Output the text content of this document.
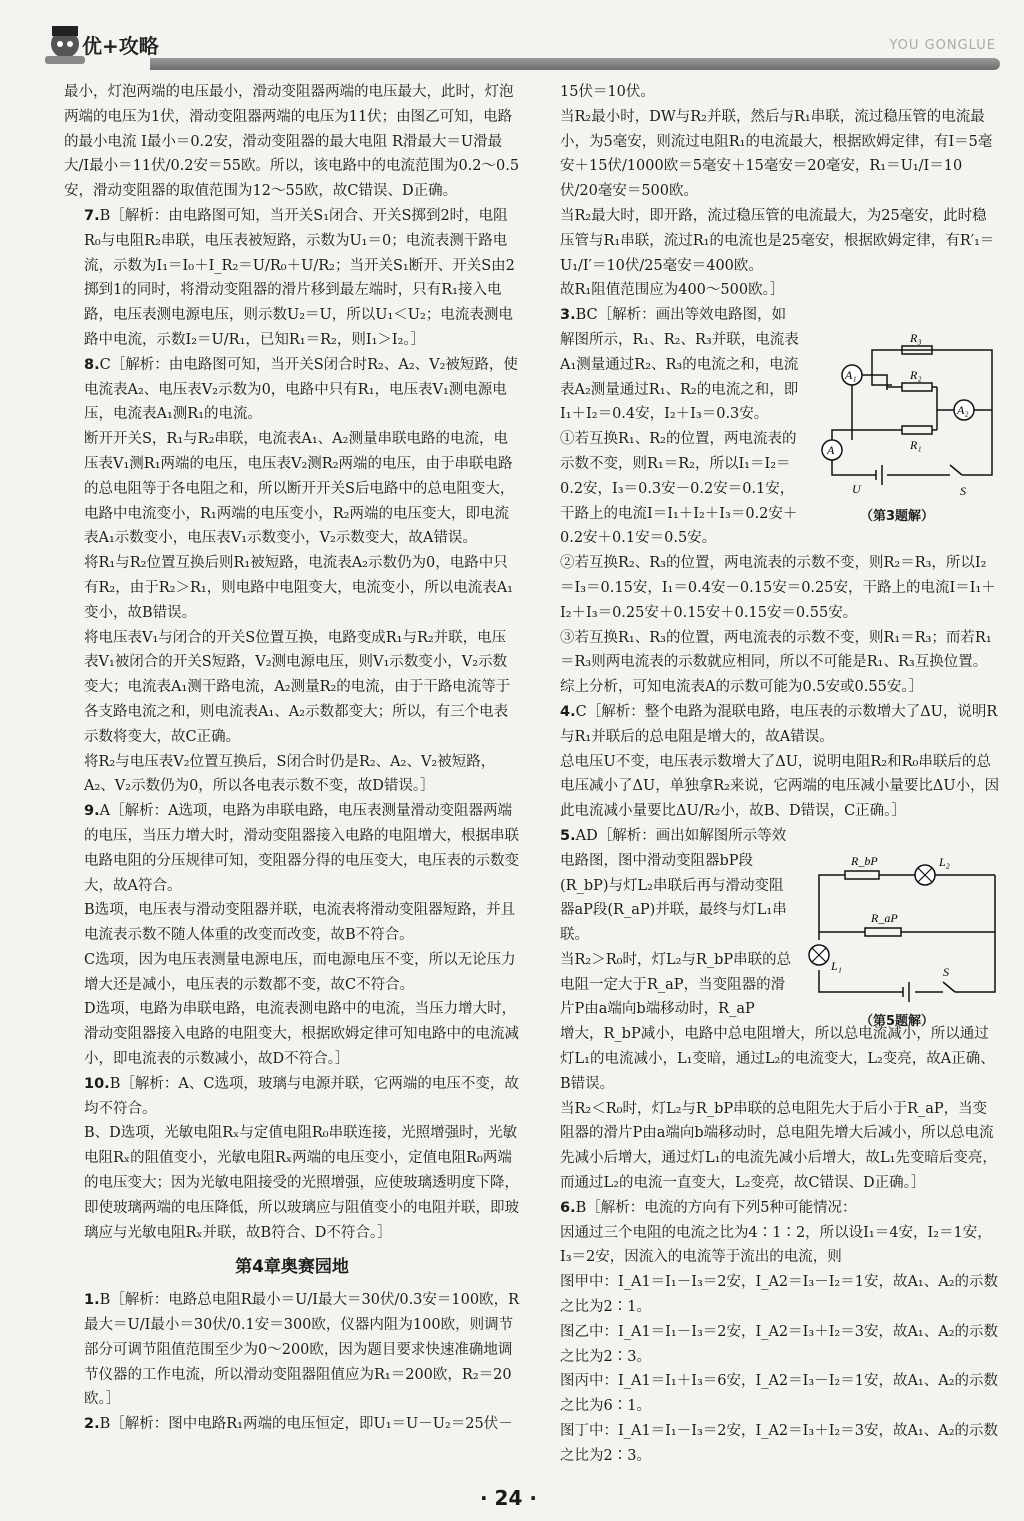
优+攻略	YOU GONGLUE

最小，灯泡两端的电压最小，滑动变阻器两端的电压最大，此时，灯泡两端的电压为1伏，滑动变阻器两端的电压为11伏；由图乙可知，电路的最小电流 I最小＝0.2安，滑动变阻器的最大电阻 R滑最大＝U滑最大/I最小＝11伏/0.2安＝55欧。所以，该电路中的电流范围为0.2～0.5安，滑动变阻器的取值范围为12～55欧，故C错误、D正确。

7.B［解析：由电路图可知，当开关S₁闭合、开关S掷到2时，电阻R₀与电阻R₂串联，电压表被短路，示数为U₁＝0；电流表测干路电流，示数为I₁＝I₀＋I_R₂＝U/R₀＋U/R₂；当开关S₁断开、开关S由2掷到1的同时，将滑动变阻器的滑片移到最左端时，只有R₁接入电路，电压表测电源电压，则示数U₂＝U，所以U₁＜U₂；电流表测电路中电流，示数I₂＝U/R₁，已知R₁＝R₂，则I₁＞I₂。］

8.C［解析：由电路图可知，当开关S闭合时R₂、A₂、V₂被短路，使电流表A₂、电压表V₂示数为0，电路中只有R₁，电压表V₁测电源电压，电流表A₁测R₁的电流。

断开开关S，R₁与R₂串联，电流表A₁、A₂测量串联电路的电流，电压表V₁测R₁两端的电压，电压表V₂测R₂两端的电压，由于串联电路的总电阻等于各电阻之和，所以断开开关S后电路中的总电阻变大，电路中电流变小，R₁两端的电压变小，R₂两端的电压变大，即电流表A₁示数变小，电压表V₁示数变小，V₂示数变大，故A错误。

将R₁与R₂位置互换后则R₁被短路，电流表A₂示数仍为0，电路中只有R₂，由于R₂＞R₁，则电路中电阻变大，电流变小，所以电流表A₁变小，故B错误。

将电压表V₁与闭合的开关S位置互换，电路变成R₁与R₂并联，电压表V₁被闭合的开关S短路，V₂测电源电压，则V₁示数变小，V₂示数变大；电流表A₁测干路电流，A₂测量R₂的电流，由于干路电流等于各支路电流之和，则电流表A₁、A₂示数都变大；所以，有三个电表示数将变大，故C正确。

将R₂与电压表V₂位置互换后，S闭合时仍是R₂、A₂、V₂被短路，A₂、V₂示数仍为0，所以各电表示数不变，故D错误。］

9.A［解析：A选项，电路为串联电路，电压表测量滑动变阻器两端的电压，当压力增大时，滑动变阻器接入电路的电阻增大，根据串联电路电阻的分压规律可知，变阻器分得的电压变大，电压表的示数变大，故A符合。

B选项，电压表与滑动变阻器并联，电流表将滑动变阻器短路，并且电流表示数不随人体重的改变而改变，故B不符合。

C选项，因为电压表测量电源电压，而电源电压不变，所以无论压力增大还是减小，电压表的示数都不变，故C不符合。

D选项，电路为串联电路，电流表测电路中的电流，当压力增大时，滑动变阻器接入电路的电阻变大，根据欧姆定律可知电路中的电流减小，即电流表的示数减小，故D不符合。］

10.B［解析：A、C选项，玻璃与电源并联，它两端的电压不变，故均不符合。

B、D选项，光敏电阻Rₓ与定值电阻R₀串联连接，光照增强时，光敏电阻Rₓ的阻值变小，光敏电阻Rₓ两端的电压变小，定值电阻R₀两端的电压变大；因为光敏电阻接受的光照增强，应使玻璃透明度下降，即使玻璃两端的电压降低，所以玻璃应与阻值变小的电阻并联，即玻璃应与光敏电阻Rₓ并联，故B符合、D不符合。］

第4章奥赛园地

1.B［解析：电路总电阻R最小＝U/I最大＝30伏/0.3安＝100欧，R最大＝U/I最小＝30伏/0.1安＝300欧，仪器内阻为100欧，则调节部分可调节阻值范围至少为0～200欧，因为题目要求快速准确地调节仪器的工作电流，所以滑动变阻器阻值应为R₁＝200欧，R₂＝20欧。］

2.B［解析：图中电路R₁两端的电压恒定，即U₁＝U－U₂＝25伏－

15伏＝10伏。

当R₂最小时，DW与R₂并联，然后与R₁串联，流过稳压管的电流最小，为5毫安，则流过电阻R₁的电流最大，根据欧姆定律，有I＝5毫安＋15伏/1000欧＝5毫安＋15毫安＝20毫安，R₁＝U₁/I＝10伏/20毫安＝500欧。

当R₂最大时，即开路，流过稳压管的电流最大，为25毫安，此时稳压管与R₁串联，流过R₁的电流也是25毫安，根据欧姆定律，有R′₁＝U₁/I′＝10伏/25毫安＝400欧。

故R₁阻值范围应为400～500欧。］

3.BC［解析：画出等效电路图，如解图所示，R₁、R₂、R₃并联，电流表A₁测量通过R₂、R₃的电流之和，电流表A₂测量通过R₁、R₂的电流之和，即I₁＋I₂＝0.4安，I₂＋I₃＝0.3安。

①若互换R₁、R₂的位置，两电流表的示数不变，则R₁＝R₂，所以I₁＝I₂＝0.2安，I₃＝0.3安－0.2安＝0.1安，干路上的电流I＝I₁＋I₂＋I₃＝0.2安＋0.2安＋0.1安＝0.5安。

②若互换R₂、R₃的位置，两电流表的示数不变，则R₂＝R₃，所以I₂＝I₃＝0.15安，I₁＝0.4安－0.15安＝0.25安，干路上的电流I＝I₁＋I₂＋I₃＝0.25安＋0.15安＋0.15安＝0.55安。

③若互换R₁、R₃的位置，两电流表的示数不变，则R₁＝R₃；而若R₁＝R₃则两电流表的示数就应相同，所以不可能是R₁、R₃互换位置。

综上分析，可知电流表A的示数可能为0.5安或0.55安。］

4.C［解析：整个电路为混联电路，电压表的示数增大了ΔU，说明R与R₁并联后的总电阻是增大的，故A错误。

总电压U不变，电压表示数增大了ΔU，说明电阻R₂和R₀串联后的总电压减小了ΔU，单独拿R₂来说，它两端的电压减小量要比ΔU小，因此电流减小量要比ΔU/R₂小，故B、D错误，C正确。］

5.AD［解析：画出如解图所示等效电路图，图中滑动变阻器bP段(R_bP)与灯L₂串联后再与滑动变阻器aP段(R_aP)并联，最终与灯L₁串联。

当R₂＞R₀时，灯L₂与R_bP串联的总电阻一定大于R_aP，当变阻器的滑片P由a端向b端移动时，R_aP

增大，R_bP减小，电路中总电阻增大，所以总电流减小，所以通过灯L₁的电流减小，L₁变暗，通过L₂的电流变大，L₂变亮，故A正确、B错误。

当R₂＜R₀时，灯L₂与R_bP串联的总电阻先大于后小于R_aP，当变阻器的滑片P由a端向b端移动时，总电阻先增大后减小，所以总电流先减小后增大，通过灯L₁的电流先减小后增大，故L₁先变暗后变亮，而通过L₂的电流一直变大，L₂变亮，故C错误、D正确。］

6.B［解析：电流的方向有下列5种可能情况：

因通过三个电阻的电流之比为4∶1∶2，所以设I₁＝4安，I₂＝1安，I₃＝2安，因流入的电流等于流出的电流，则

图甲中：I_A1＝I₁－I₃＝2安，I_A2＝I₃－I₂＝1安，故A₁、A₂的示数之比为2∶1。

图乙中：I_A1＝I₁－I₃＝2安，I_A2＝I₃＋I₂＝3安，故A₁、A₂的示数之比为2∶3。

图丙中：I_A1＝I₁＋I₃＝6安，I_A2＝I₃－I₂＝1安，故A₁、A₂的示数之比为6∶1。

图丁中：I_A1＝I₁－I₃＝2安，I_A2＝I₃＋I₂＝3安，故A₁、A₂的示数之比为2∶3。

A₁
A₂
A
R₃
R₂
R₁
U	S
（第3题解）
R_bP	L₂
R_aP
L₁	S
（第5题解）
· 24 ·
